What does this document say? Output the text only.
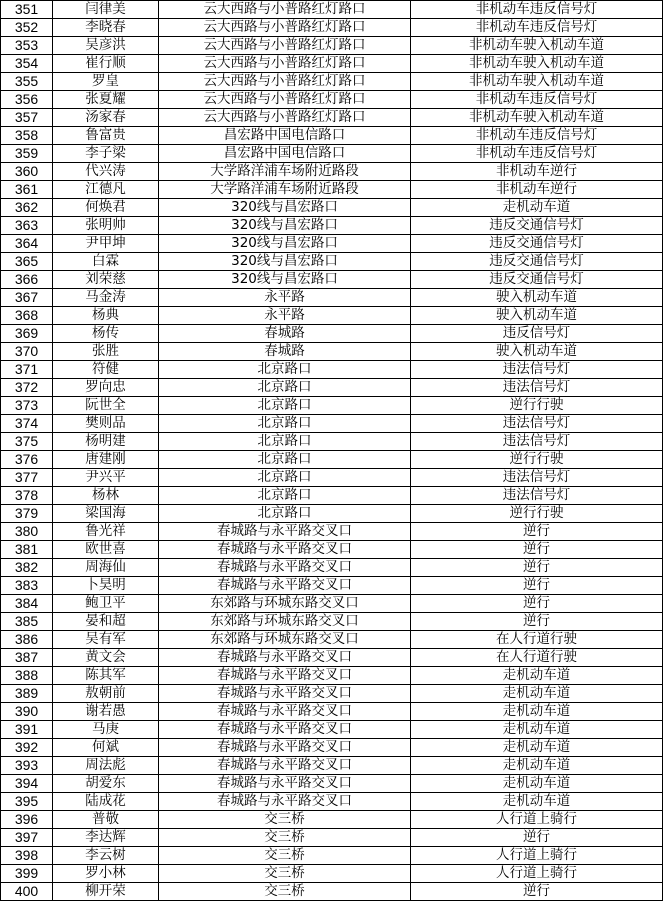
351	闫律美	云大西路与小普路红灯路口	非机动车违反信号灯
352	李晓春	云大西路与小普路红灯路口	非机动车违反信号灯
353	吴彦洪	云大西路与小普路红灯路口	非机动车驶入机动车道
354	崔行顺	云大西路与小普路红灯路口	非机动车驶入机动车道
355	罗皇	云大西路与小普路红灯路口	非机动车驶入机动车道
356	张夏耀	云大西路与小普路红灯路口	非机动车违反信号灯
357	汤家春	云大西路与小普路红灯路口	非机动车驶入机动车道
358	鲁富贵	昌宏路中国电信路口	非机动车违反信号灯
359	李子梁	昌宏路中国电信路口	非机动车违反信号灯
360	代兴涛	大学路洋浦车场附近路段	非机动车逆行
361	江德凡	大学路洋浦车场附近路段	非机动车逆行
362	何焕君	320线与昌宏路口	走机动车道
363	张明帅	320线与昌宏路口	违反交通信号灯
364	尹甲坤	320线与昌宏路口	违反交通信号灯
365	白霖	320线与昌宏路口	违反交通信号灯
366	刘荣慈	320线与昌宏路口	违反交通信号灯
367	马金涛	永平路	驶入机动车道
368	杨典	永平路	驶入机动车道
369	杨传	春城路	违反信号灯
370	张胜	春城路	驶入机动车道
371	符健	北京路口	违法信号灯
372	罗向忠	北京路口	违法信号灯
373	阮世全	北京路口	逆行行驶
374	樊则品	北京路口	违法信号灯
375	杨明建	北京路口	违法信号灯
376	唐建刚	北京路口	逆行行驶
377	尹兴平	北京路口	违法信号灯
378	杨林	北京路口	违法信号灯
379	梁国海	北京路口	逆行行驶
380	鲁光祥	春城路与永平路交叉口	逆行
381	欧世喜	春城路与永平路交叉口	逆行
382	周海仙	春城路与永平路交叉口	逆行
383	卜昊明	春城路与永平路交叉口	逆行
384	鲍卫平	东郊路与环城东路交叉口	逆行
385	晏和超	东郊路与环城东路交叉口	逆行
386	吴有军	东郊路与环城东路交叉口	在人行道行驶
387	黄文会	春城路与永平路交叉口	在人行道行驶
388	陈其军	春城路与永平路交叉口	走机动车道
389	敖朝前	春城路与永平路交叉口	走机动车道
390	谢若愚	春城路与永平路交叉口	走机动车道
391	马庚	春城路与永平路交叉口	走机动车道
392	何斌	春城路与永平路交叉口	走机动车道
393	周法彪	春城路与永平路交叉口	走机动车道
394	胡爱东	春城路与永平路交叉口	走机动车道
395	陆成花	春城路与永平路交叉口	走机动车道
396	普敬	交三桥	人行道上骑行
397	李达辉	交三桥	逆行
398	李云树	交三桥	人行道上骑行
399	罗小林	交三桥	人行道上骑行
400	柳开荣	交三桥	逆行
